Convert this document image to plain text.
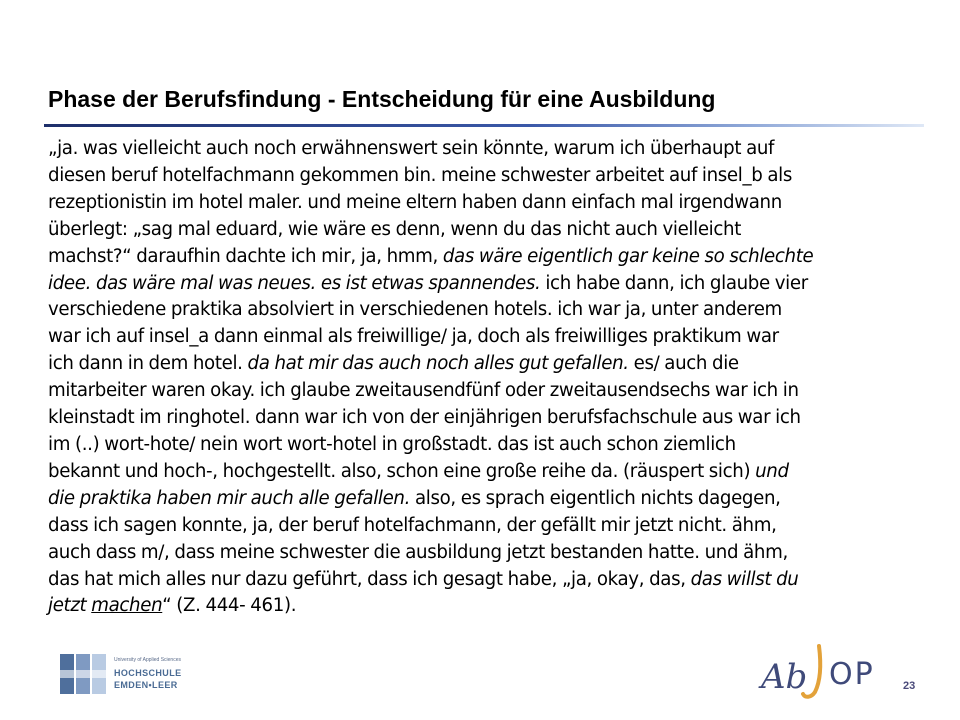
Phase der Berufsfindung - Entscheidung für eine Ausbildung
„ja. was vielleicht auch noch erwähnenswert sein könnte, warum ich überhaupt auf
diesen beruf hotelfachmann gekommen bin. meine schwester arbeitet auf insel_b als
rezeptionistin im hotel maler. und meine eltern haben dann einfach mal irgendwann
überlegt: „sag mal eduard, wie wäre es denn, wenn du das nicht auch vielleicht
machst?“ daraufhin dachte ich mir, ja, hmm, das wäre eigentlich gar keine so schlechte
idee. das wäre mal was neues. es ist etwas spannendes. ich habe dann, ich glaube vier
verschiedene praktika absolviert in verschiedenen hotels. ich war ja, unter anderem
war ich auf insel_a dann einmal als freiwillige/ ja, doch als freiwilliges praktikum war
ich dann in dem hotel. da hat mir das auch noch alles gut gefallen. es/ auch die
mitarbeiter waren okay. ich glaube zweitausendfünf oder zweitausendsechs war ich in
kleinstadt im ringhotel. dann war ich von der einjährigen berufsfachschule aus war ich
im (..) wort-hote/ nein wort wort-hotel in großstadt. das ist auch schon ziemlich
bekannt und hoch-, hochgestellt. also, schon eine große reihe da. (räuspert sich) und
die praktika haben mir auch alle gefallen. also, es sprach eigentlich nichts dagegen,
dass ich sagen konnte, ja, der beruf hotelfachmann, der gefällt mir jetzt nicht. ähm,
auch dass m/, dass meine schwester die ausbildung jetzt bestanden hatte. und ähm,
das hat mich alles nur dazu geführt, dass ich gesagt habe, „ja, okay, das, das willst du
jetzt machen“ (Z. 444- 461).
University of Applied Sciences
HOCHSCHULE
EMDEN•LEER	Ab OP	23
